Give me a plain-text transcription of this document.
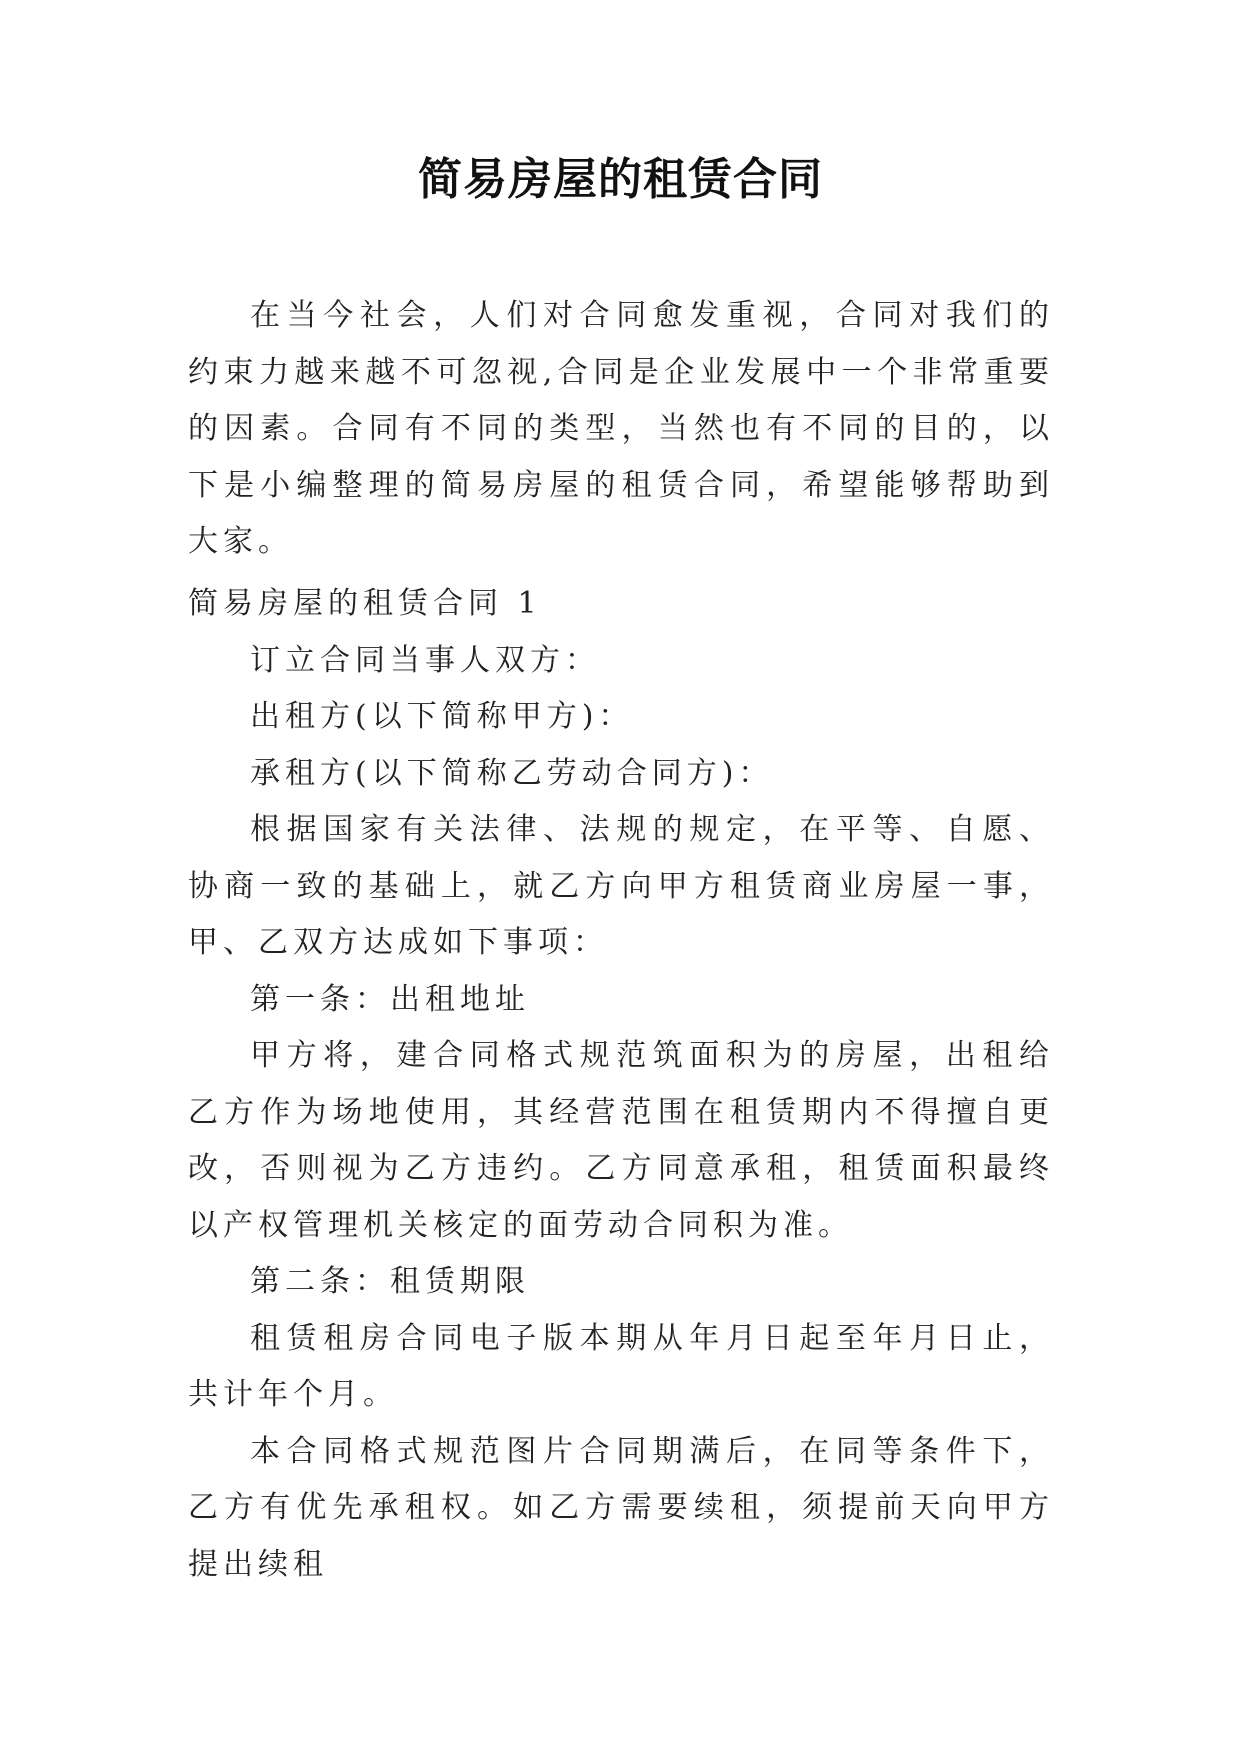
简易房屋的租赁合同

在当今社会，人们对合同愈发重视，合同对我们的约束力越来越不可忽视,合同是企业发展中一个非常重要的因素。合同有不同的类型，当然也有不同的目的，以下是小编整理的简易房屋的租赁合同，希望能够帮助到大家。

简易房屋的租赁合同 1

订立合同当事人双方：

出租方(以下简称甲方)：

承租方(以下简称乙劳动合同方)：

根据国家有关法律、法规的规定，在平等、自愿、协商一致的基础上，就乙方向甲方租赁商业房屋一事，甲、乙双方达成如下事项：

第一条：出租地址

甲方将，建合同格式规范筑面积为的房屋，出租给乙方作为场地使用，其经营范围在租赁期内不得擅自更改，否则视为乙方违约。乙方同意承租，租赁面积最终以产权管理机关核定的面劳动合同积为准。

第二条：租赁期限

租赁租房合同电子版本期从年月日起至年月日止，共计年个月。

本合同格式规范图片合同期满后，在同等条件下，乙方有优先承租权。如乙方需要续租，须提前天向甲方提出续租
